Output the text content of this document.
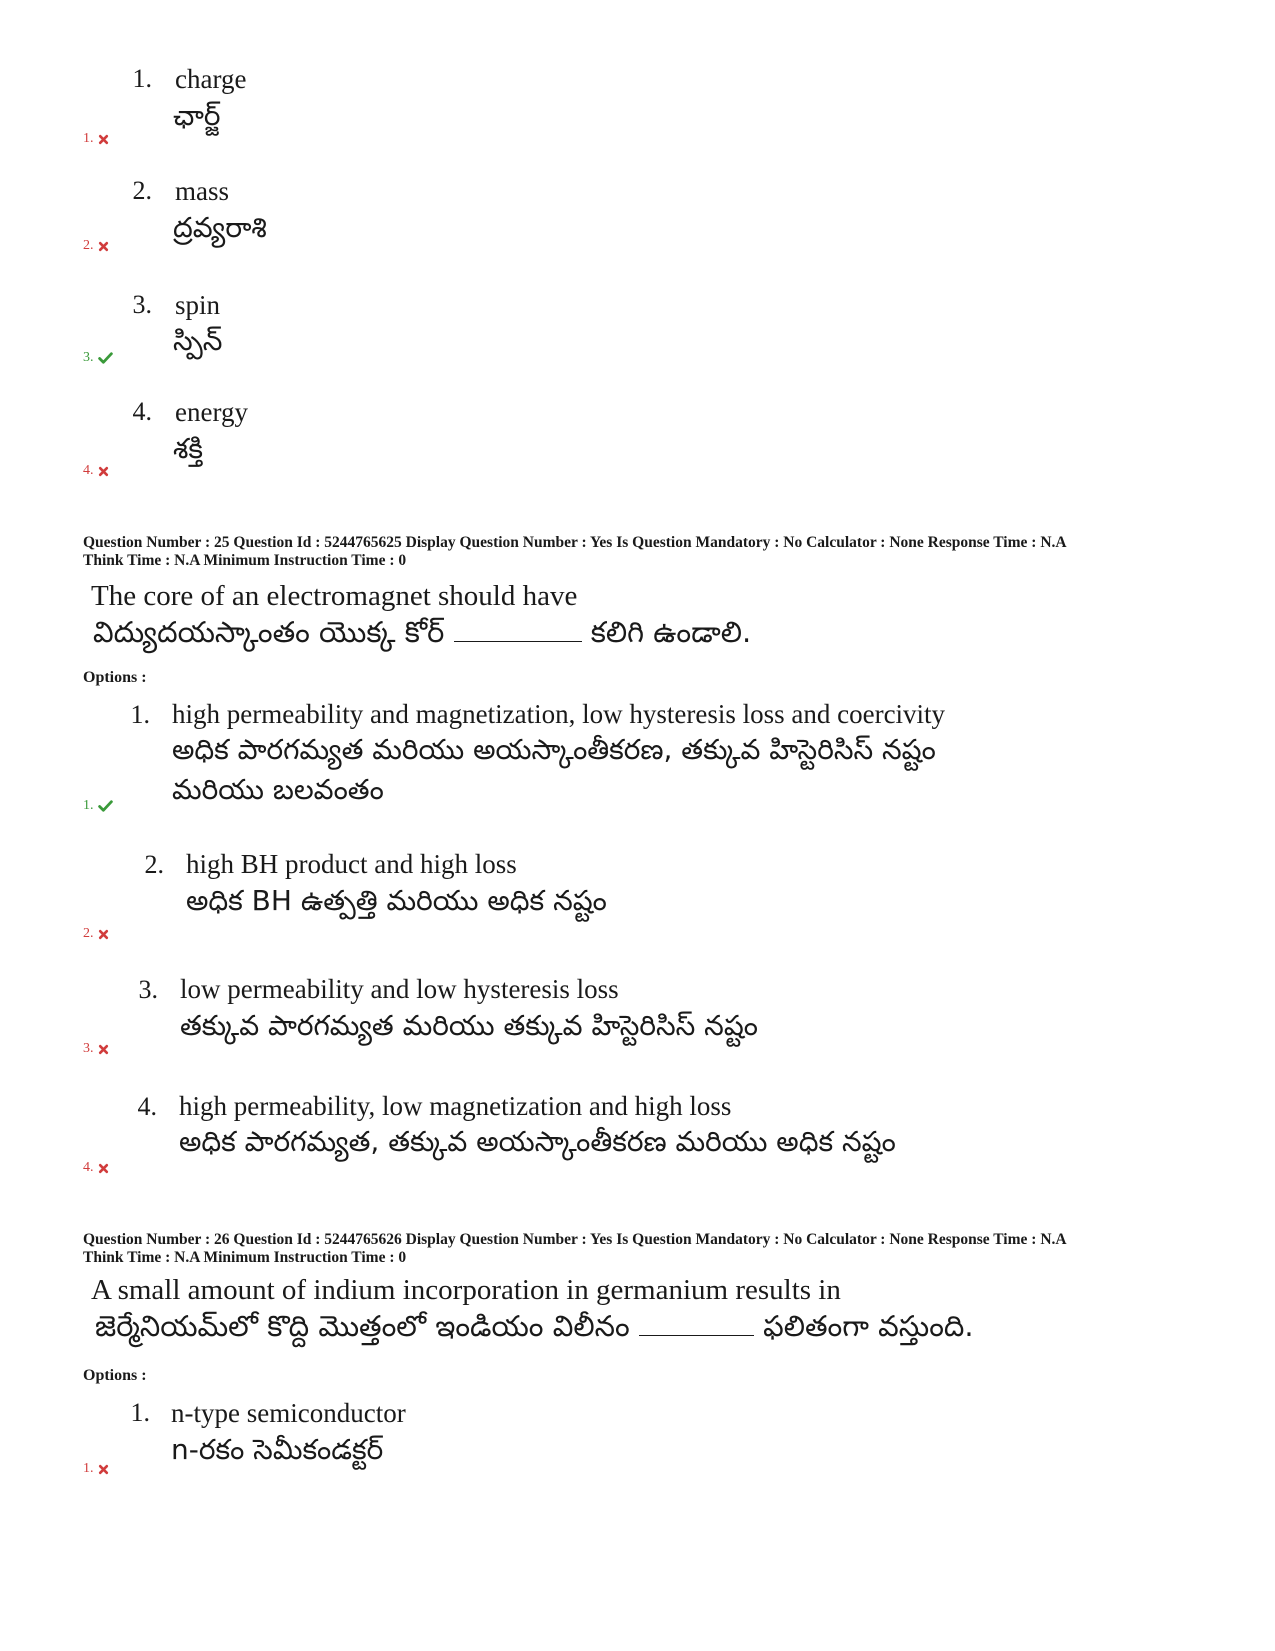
1. charge
ఛార్జ్
1.
2. mass
ద్రవ్యరాశి
2.
3. spin
స్పిన్
3.
4. energy
శక్తి
4.
Question Number : 25 Question Id : 5244765625 Display Question Number : Yes Is Question Mandatory : No Calculator : None Response Time : N.A
Think Time : N.A Minimum Instruction Time : 0
The core of an electromagnet should have
విద్యుదయస్కాంతం యొక్క కోర్	కలిగి ఉండాలి.
Options :
1. high permeability and magnetization, low hysteresis loss and coercivity
అధిక పారగమ్యత మరియు అయస్కాంతీకరణ, తక్కువ హిస్టెరిసిస్ నష్టం
మరియు బలవంతం
1.
2. high BH product and high loss
అధిక BH ఉత్పత్తి మరియు అధిక నష్టం
2.
3. low permeability and low hysteresis loss
తక్కువ పారగమ్యత మరియు తక్కువ హిస్టెరిసిస్ నష్టం
3.
4. high permeability, low magnetization and high loss
అధిక పారగమ్యత, తక్కువ అయస్కాంతీకరణ మరియు అధిక నష్టం
4.
Question Number : 26 Question Id : 5244765626 Display Question Number : Yes Is Question Mandatory : No Calculator : None Response Time : N.A
Think Time : N.A Minimum Instruction Time : 0
A small amount of indium incorporation in germanium results in
జెర్మేనియమ్‌లో కొద్ది మొత్తంలో ఇండియం విలీనం	ఫలితంగా వస్తుంది.
Options :
1. n-type semiconductor
n-రకం సెమీకండక్టర్
1.
